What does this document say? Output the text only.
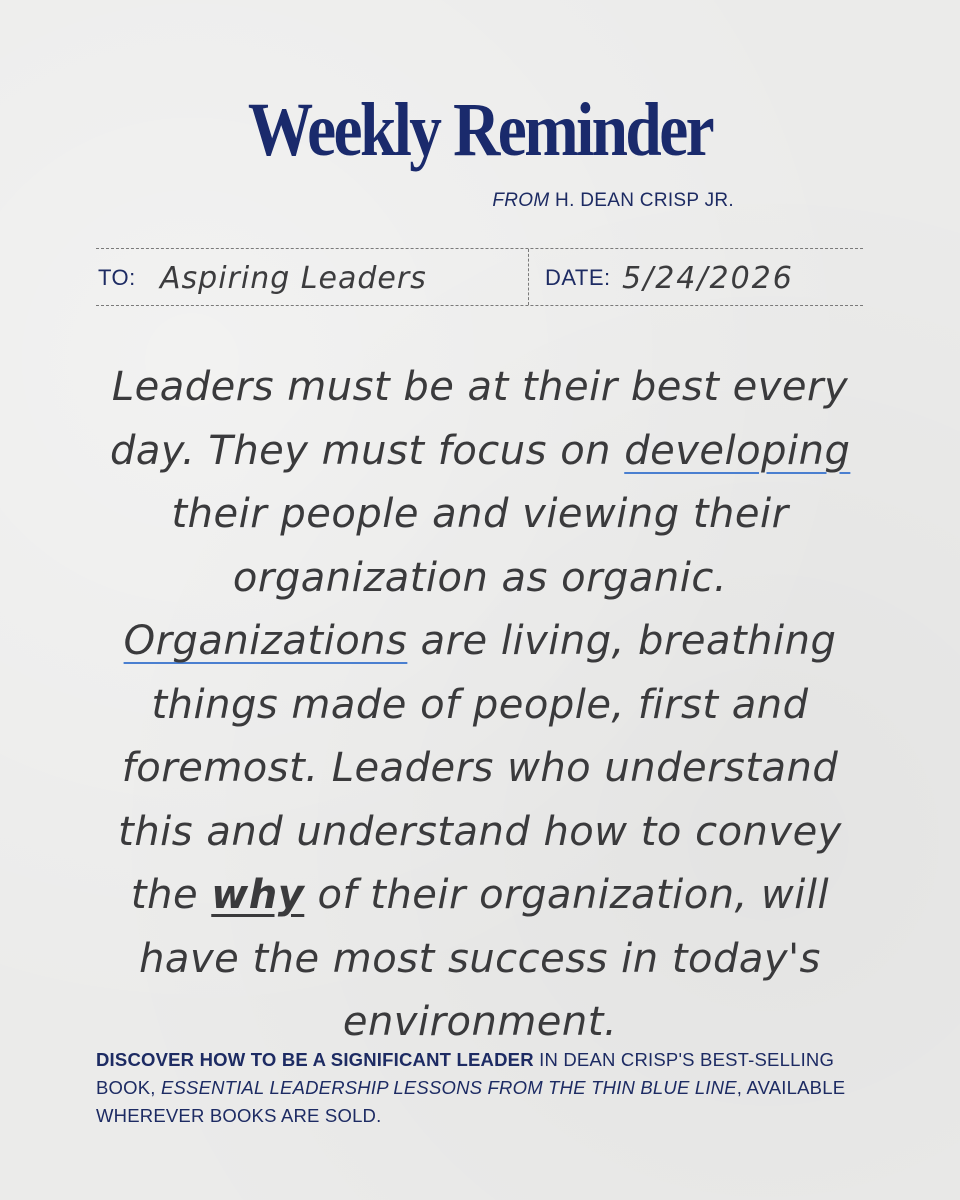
Weekly Reminder
FROM H. DEAN CRISP JR.
TO: Aspiring Leaders	DATE: 5/24/2026
Leaders must be at their best every
day. They must focus on developing
their people and viewing their
organization as organic.
Organizations are living, breathing
things made of people, first and
foremost. Leaders who understand
this and understand how to convey
the why of their organization, will
have the most success in today's
environment.
DISCOVER HOW TO BE A SIGNIFICANT LEADER IN DEAN CRISP'S BEST-SELLING BOOK, ESSENTIAL LEADERSHIP LESSONS FROM THE THIN BLUE LINE, AVAILABLE WHEREVER BOOKS ARE SOLD.
